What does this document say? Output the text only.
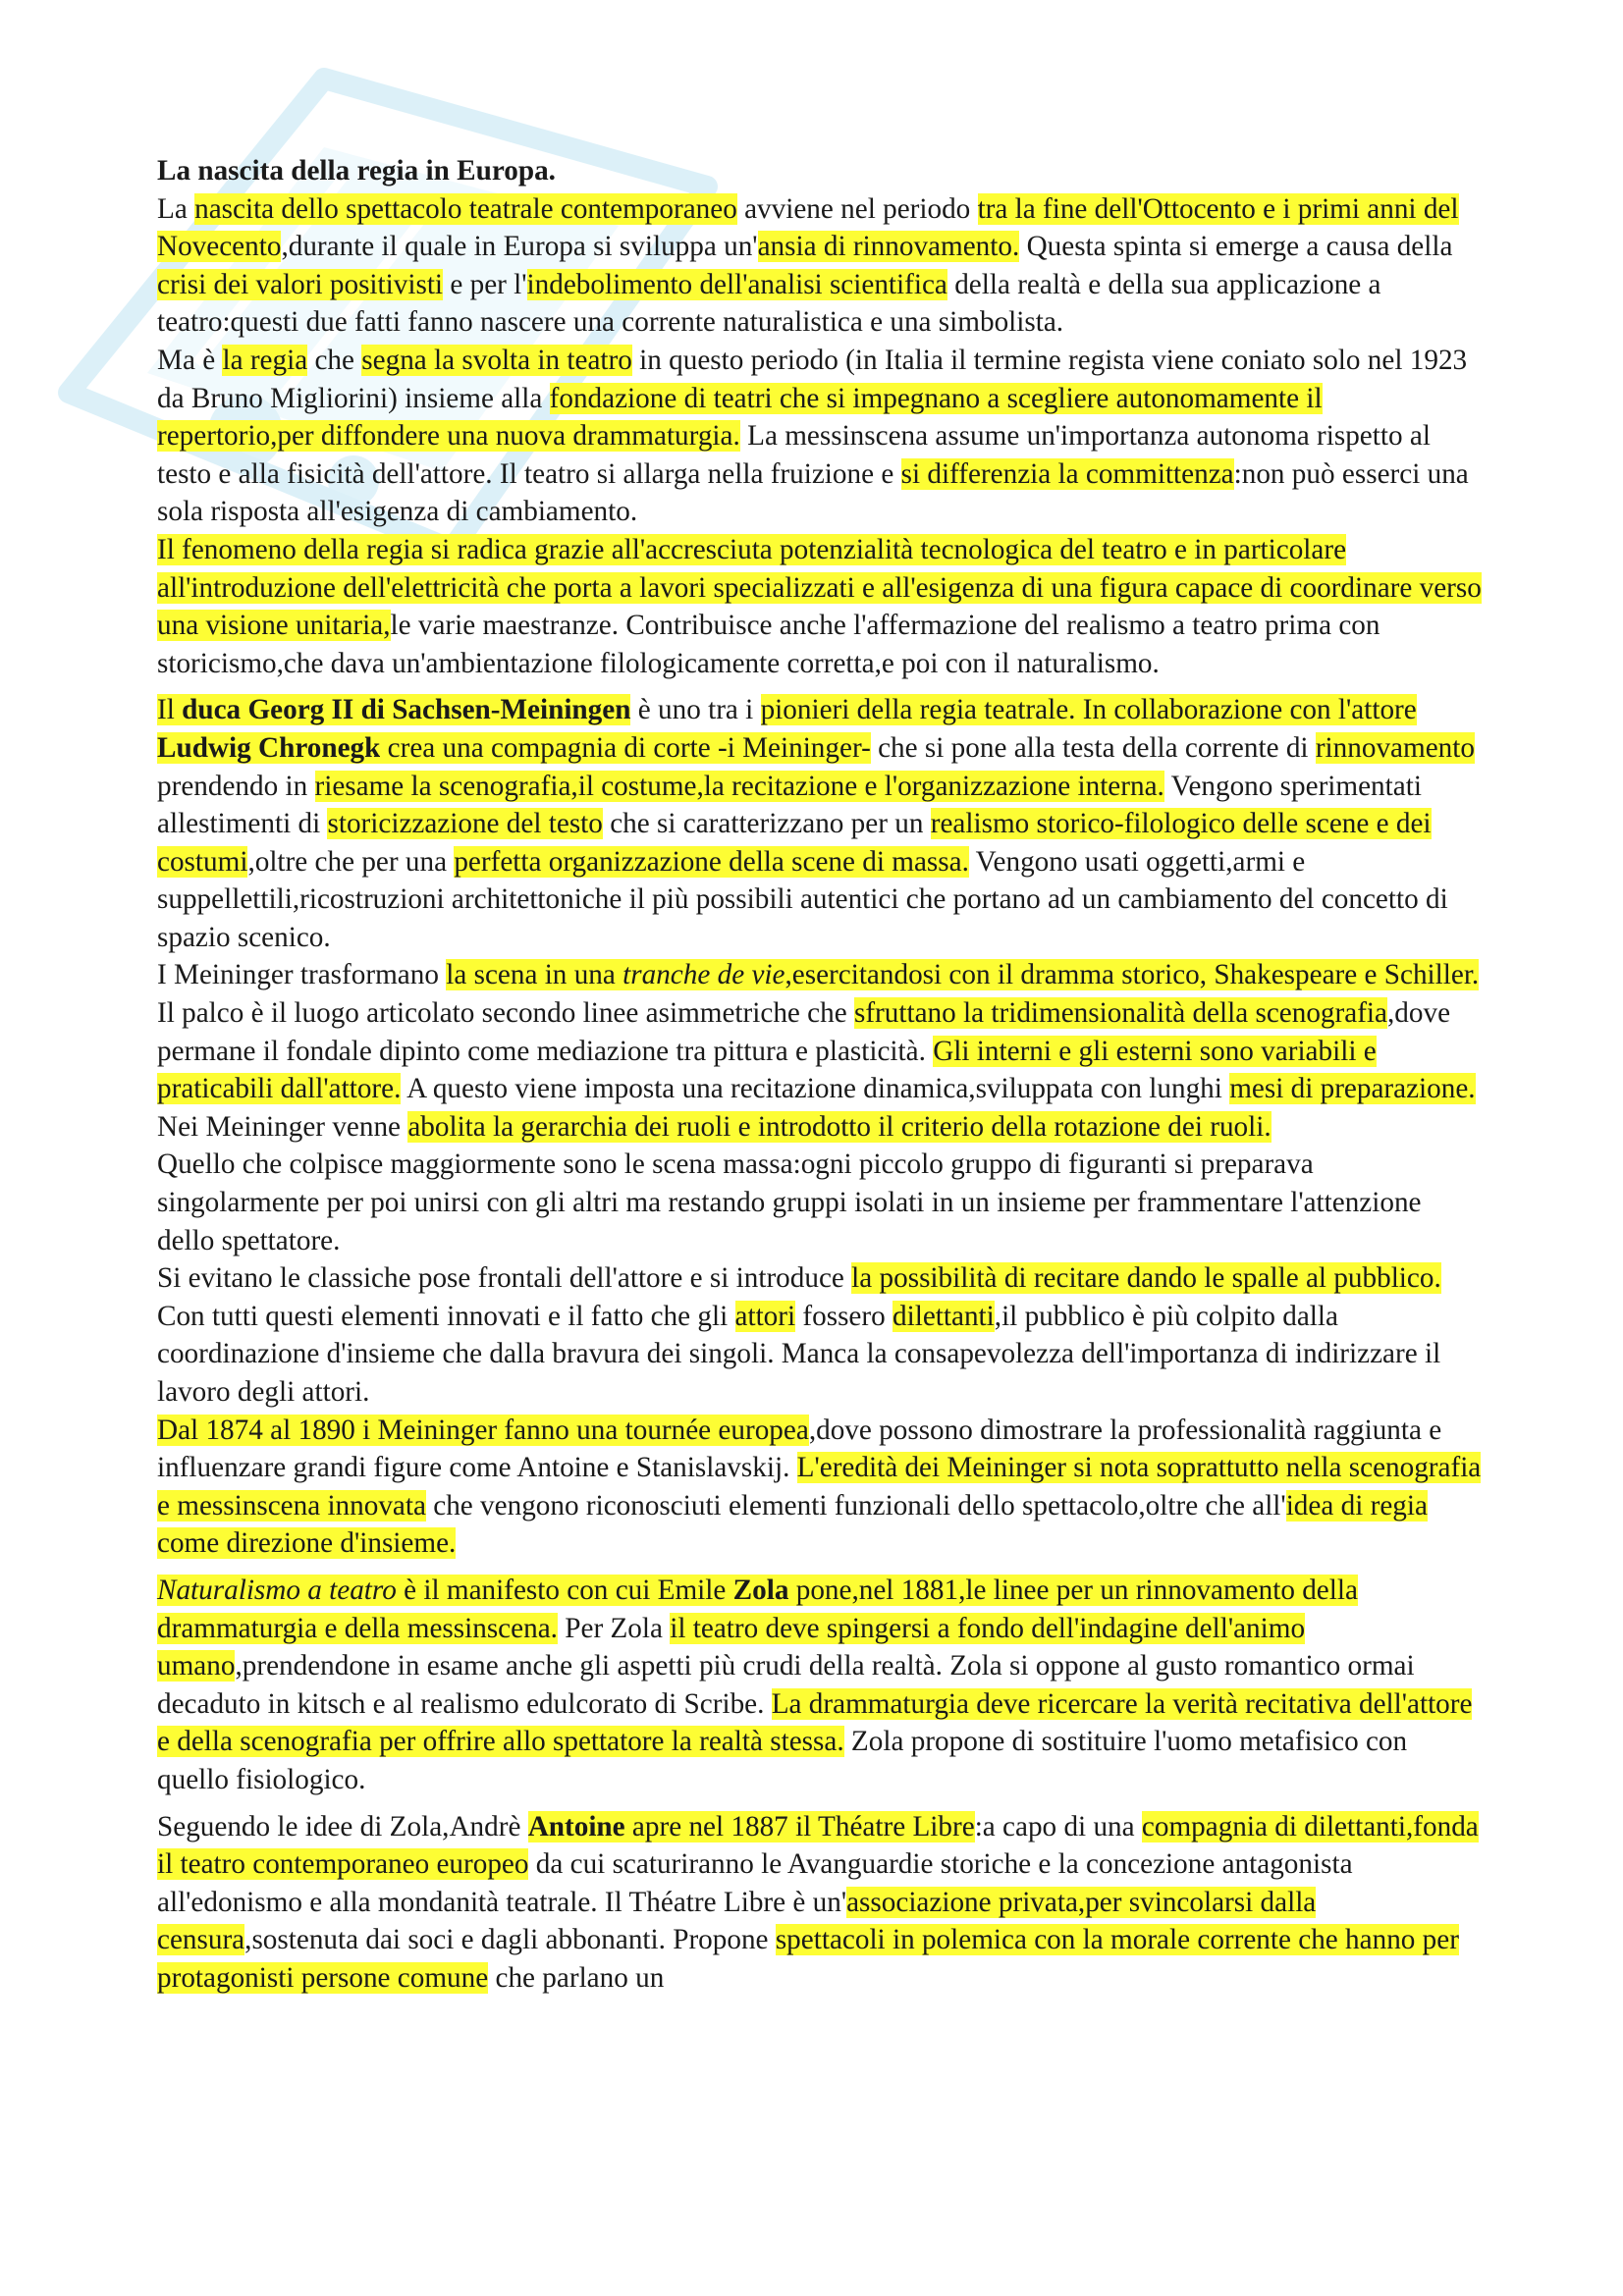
La nascita della regia in Europa.

La nascita dello spettacolo teatrale contemporaneo avviene nel periodo tra la fine dell'Ottocento e i primi anni del Novecento,durante il quale in Europa si sviluppa un'ansia di rinnovamento. Questa spinta si emerge a causa della crisi dei valori positivisti e per l'indebolimento dell'analisi scientifica della realtà e della sua applicazione a teatro:questi due fatti fanno nascere una corrente naturalistica e una simbolista.

Ma è la regia che segna la svolta in teatro in questo periodo (in Italia il termine regista viene coniato solo nel 1923 da Bruno Migliorini) insieme alla fondazione di teatri che si impegnano a scegliere autonomamente il repertorio,per diffondere una nuova drammaturgia. La messinscena assume un'importanza autonoma rispetto al testo e alla fisicità dell'attore. Il teatro si allarga nella fruizione e si differenzia la committenza:non può esserci una sola risposta all'esigenza di cambiamento.

Il fenomeno della regia si radica grazie all'accresciuta potenzialità tecnologica del teatro e in particolare all'introduzione dell'elettricità che porta a lavori specializzati e all'esigenza di una figura capace di coordinare verso una visione unitaria,le varie maestranze. Contribuisce anche l'affermazione del realismo a teatro prima con storicismo,che dava un'ambientazione filologicamente corretta,e poi con il naturalismo.

Il duca Georg II di Sachsen-Meiningen è uno tra i pionieri della regia teatrale. In collaborazione con l'attore Ludwig Chronegk crea una compagnia di corte -i Meininger- che si pone alla testa della corrente di rinnovamento prendendo in riesame la scenografia,il costume,la recitazione e l'organizzazione interna. Vengono sperimentati allestimenti di storicizzazione del testo che si caratterizzano per un realismo storico-filologico delle scene e dei costumi,oltre che per una perfetta organizzazione della scene di massa. Vengono usati oggetti,armi e suppellettili,ricostruzioni architettoniche il più possibili autentici che portano ad un cambiamento del concetto di spazio scenico.

I Meininger trasformano la scena in una tranche de vie,esercitandosi con il dramma storico, Shakespeare e Schiller. Il palco è il luogo articolato secondo linee asimmetriche che sfruttano la tridimensionalità della scenografia,dove permane il fondale dipinto come mediazione tra pittura e plasticità. Gli interni e gli esterni sono variabili e praticabili dall'attore. A questo viene imposta una recitazione dinamica,sviluppata con lunghi mesi di preparazione. Nei Meininger venne abolita la gerarchia dei ruoli e introdotto il criterio della rotazione dei ruoli.

Quello che colpisce maggiormente sono le scena massa:ogni piccolo gruppo di figuranti si preparava singolarmente per poi unirsi con gli altri ma restando gruppi isolati in un insieme per frammentare l'attenzione dello spettatore.

Si evitano le classiche pose frontali dell'attore e si introduce la possibilità di recitare dando le spalle al pubblico. Con tutti questi elementi innovati e il fatto che gli attori fossero dilettanti,il pubblico è più colpito dalla coordinazione d'insieme che dalla bravura dei singoli. Manca la consapevolezza dell'importanza di indirizzare il lavoro degli attori.

Dal 1874 al 1890 i Meininger fanno una tournée europea,dove possono dimostrare la professionalità raggiunta e influenzare grandi figure come Antoine e Stanislavskij. L'eredità dei Meininger si nota soprattutto nella scenografia e messinscena innovata che vengono riconosciuti elementi funzionali dello spettacolo,oltre che all'idea di regia come direzione d'insieme.

Naturalismo a teatro è il manifesto con cui Emile Zola pone,nel 1881,le linee per un rinnovamento della drammaturgia e della messinscena. Per Zola il teatro deve spingersi a fondo dell'indagine dell'animo umano,prendendone in esame anche gli aspetti più crudi della realtà. Zola si oppone al gusto romantico ormai decaduto in kitsch e al realismo edulcorato di Scribe. La drammaturgia deve ricercare la verità recitativa dell'attore e della scenografia per offrire allo spettatore la realtà stessa. Zola propone di sostituire l'uomo metafisico con quello fisiologico.

Seguendo le idee di Zola,Andrè Antoine apre nel 1887 il Théatre Libre:a capo di una compagnia di dilettanti,fonda il teatro contemporaneo europeo da cui scaturiranno le Avanguardie storiche e la concezione antagonista all'edonismo e alla mondanità teatrale. Il Théatre Libre è un'associazione privata,per svincolarsi dalla censura,sostenuta dai soci e dagli abbonanti. Propone spettacoli in polemica con la morale corrente che hanno per protagonisti persone comune che parlano un
